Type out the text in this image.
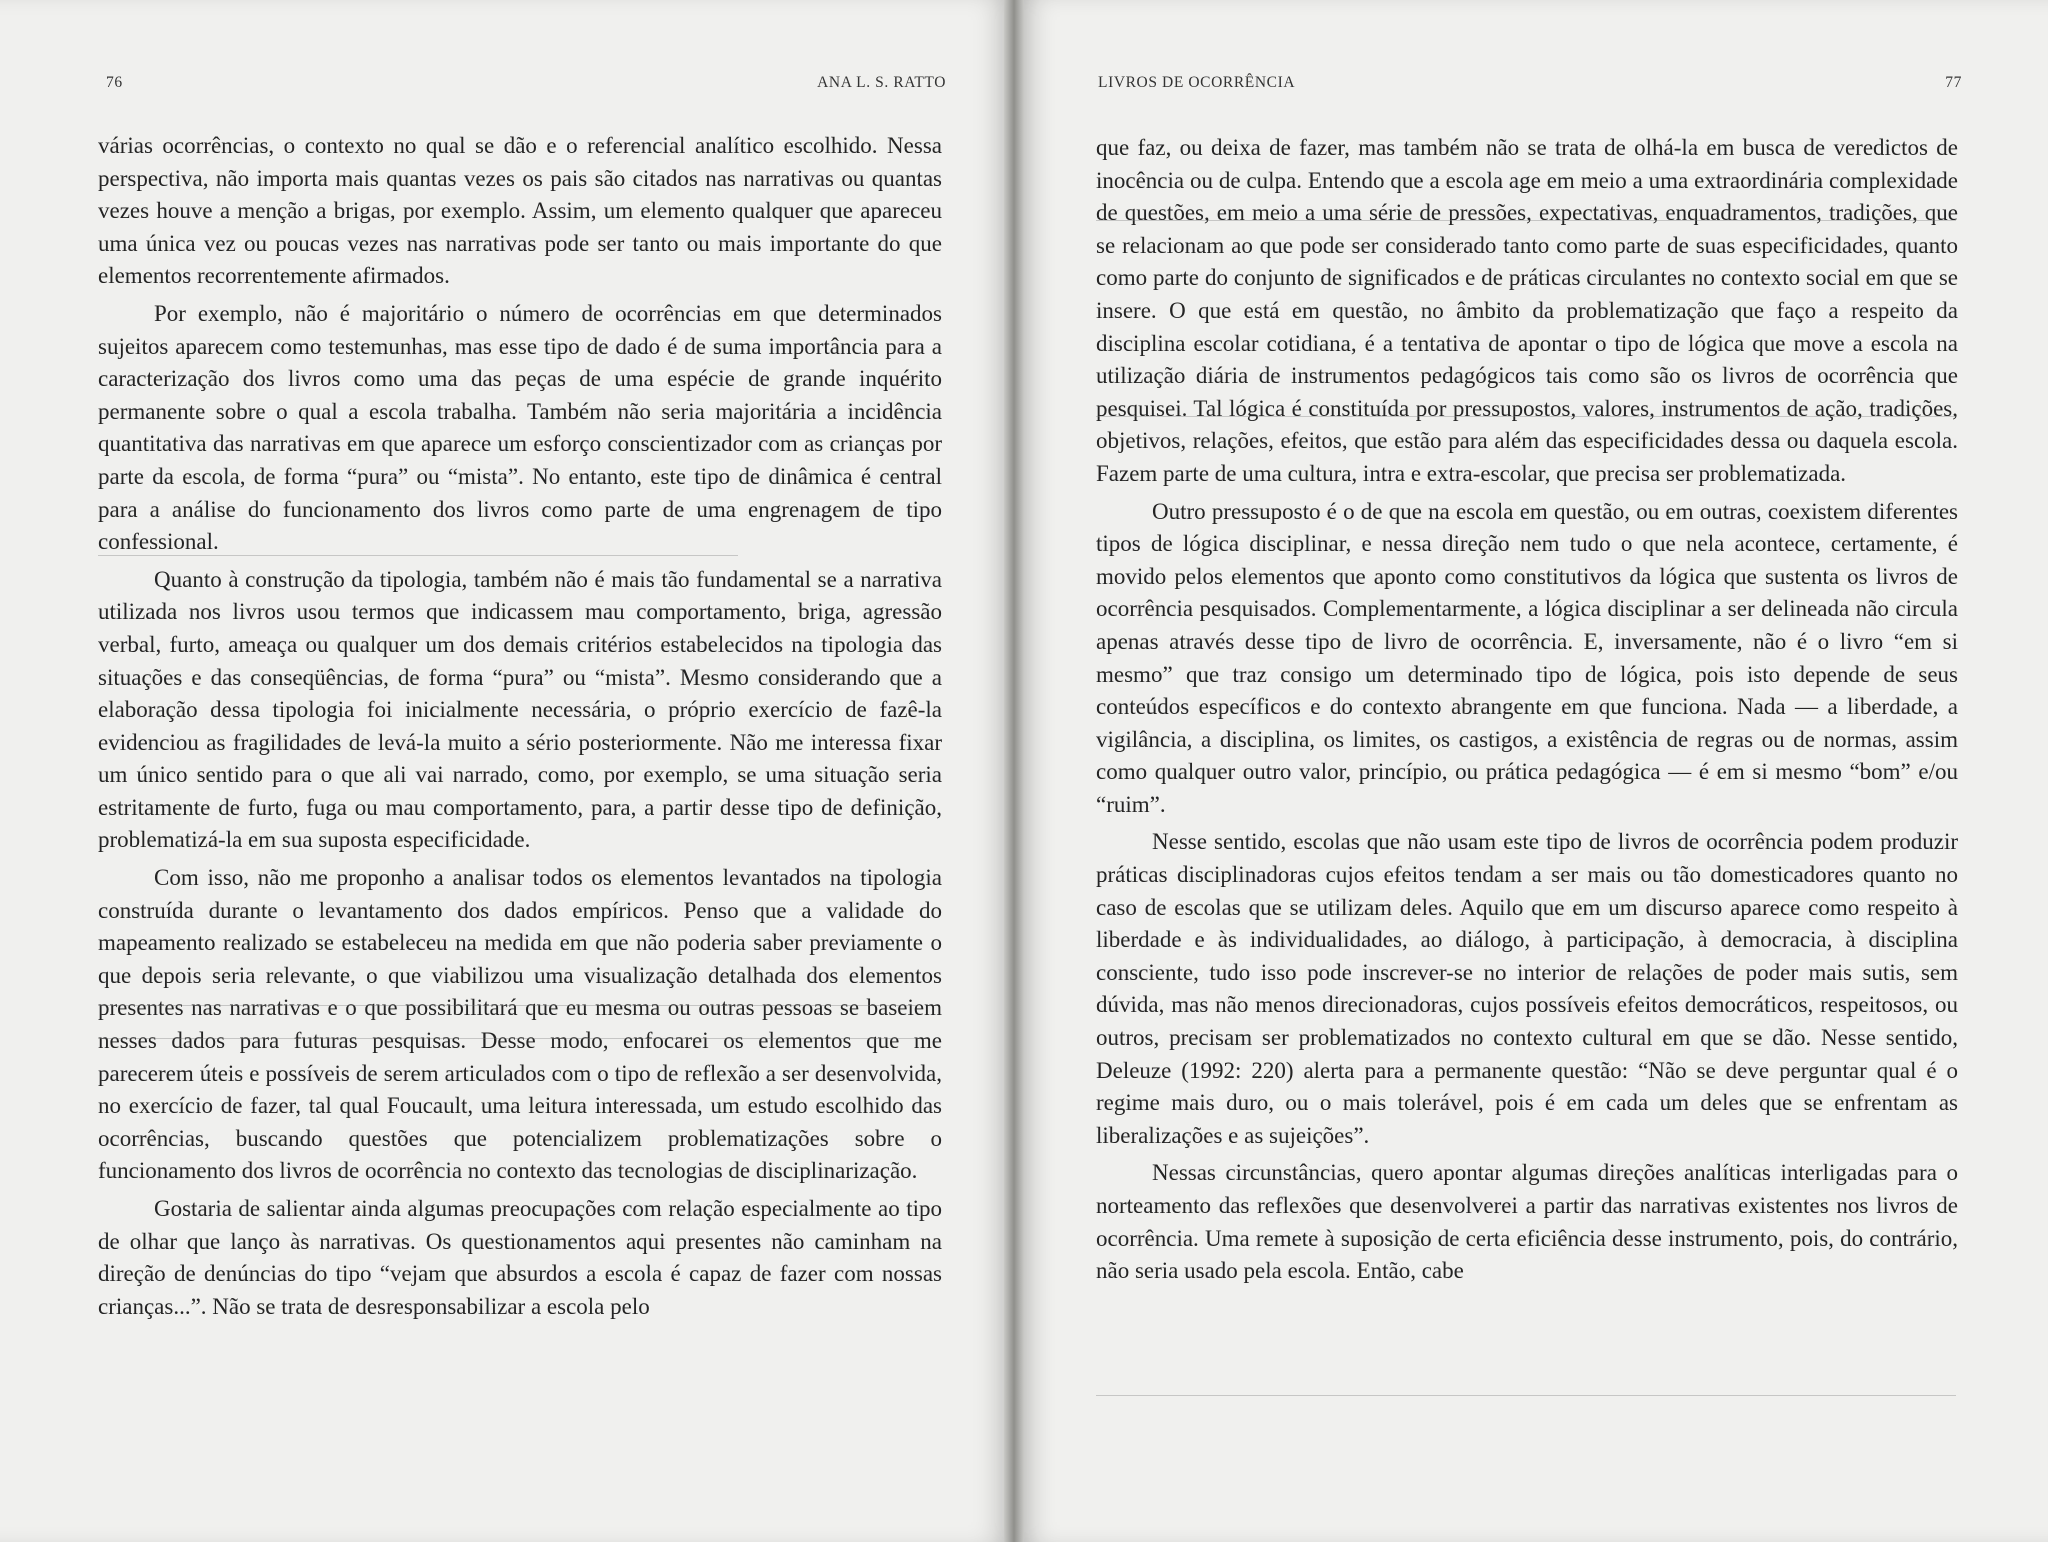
76	ANA L. S. RATTO

várias ocorrências, o contexto no qual se dão e o referencial analítico escolhido. Nessa perspectiva, não importa mais quantas vezes os pais são citados nas narrativas ou quantas vezes houve a menção a brigas, por exemplo. Assim, um elemento qualquer que apareceu uma única vez ou poucas vezes nas narrativas pode ser tanto ou mais importante do que elementos recorrentemente afirmados.

Por exemplo, não é majoritário o número de ocorrências em que determinados sujeitos aparecem como testemunhas, mas esse tipo de dado é de suma importância para a caracterização dos livros como uma das peças de uma espécie de grande inquérito permanente sobre o qual a escola trabalha. Também não seria majoritária a incidência quantitativa das narrativas em que aparece um esforço conscientizador com as crianças por parte da escola, de forma “pura” ou “mista”. No entanto, este tipo de dinâmica é central para a análise do funcionamento dos livros como parte de uma engrenagem de tipo confessional.

Quanto à construção da tipologia, também não é mais tão fundamental se a narrativa utilizada nos livros usou termos que indicassem mau comportamento, briga, agressão verbal, furto, ameaça ou qualquer um dos demais critérios estabelecidos na tipologia das situações e das conseqüências, de forma “pura” ou “mista”. Mesmo considerando que a elaboração dessa tipologia foi inicialmente necessária, o próprio exercício de fazê-la evidenciou as fragilidades de levá-la muito a sério posteriormente. Não me interessa fixar um único sentido para o que ali vai narrado, como, por exemplo, se uma situação seria estritamente de furto, fuga ou mau comportamento, para, a partir desse tipo de definição, problematizá-la em sua suposta especificidade.

Com isso, não me proponho a analisar todos os elementos levantados na tipologia construída durante o levantamento dos dados empíricos. Penso que a validade do mapeamento realizado se estabeleceu na medida em que não poderia saber previamente o que depois seria relevante, o que viabilizou uma visualização detalhada dos elementos presentes nas narrativas e o que possibilitará que eu mesma ou outras pessoas se baseiem nesses dados para futuras pesquisas. Desse modo, enfocarei os elementos que me parecerem úteis e possíveis de serem articulados com o tipo de reflexão a ser desenvolvida, no exercício de fazer, tal qual Foucault, uma leitura interessada, um estudo escolhido das ocorrências, buscando questões que potencializem problematizações sobre o funcionamento dos livros de ocorrência no contexto das tecnologias de disciplinarização.

Gostaria de salientar ainda algumas preocupações com relação especialmente ao tipo de olhar que lanço às narrativas. Os questionamentos aqui presentes não caminham na direção de denúncias do tipo “vejam que absurdos a escola é capaz de fazer com nossas crianças...”. Não se trata de desresponsabilizar a escola pelo

LIVROS DE OCORRÊNCIA	77

que faz, ou deixa de fazer, mas também não se trata de olhá-la em busca de veredictos de inocência ou de culpa. Entendo que a escola age em meio a uma extraordinária complexidade de questões, em meio a uma série de pressões, expectativas, enquadramentos, tradições, que se relacionam ao que pode ser considerado tanto como parte de suas especificidades, quanto como parte do conjunto de significados e de práticas circulantes no contexto social em que se insere. O que está em questão, no âmbito da problematização que faço a respeito da disciplina escolar cotidiana, é a tentativa de apontar o tipo de lógica que move a escola na utilização diária de instrumentos pedagógicos tais como são os livros de ocorrência que pesquisei. Tal lógica é constituída por pressupostos, valores, instrumentos de ação, tradições, objetivos, relações, efeitos, que estão para além das especificidades dessa ou daquela escola. Fazem parte de uma cultura, intra e extra-escolar, que precisa ser problematizada.

Outro pressuposto é o de que na escola em questão, ou em outras, coexistem diferentes tipos de lógica disciplinar, e nessa direção nem tudo o que nela acontece, certamente, é movido pelos elementos que aponto como constitutivos da lógica que sustenta os livros de ocorrência pesquisados. Complementarmente, a lógica disciplinar a ser delineada não circula apenas através desse tipo de livro de ocorrência. E, inversamente, não é o livro “em si mesmo” que traz consigo um determinado tipo de lógica, pois isto depende de seus conteúdos específicos e do contexto abrangente em que funciona. Nada — a liberdade, a vigilância, a disciplina, os limites, os castigos, a existência de regras ou de normas, assim como qualquer outro valor, princípio, ou prática pedagógica — é em si mesmo “bom” e/ou “ruim”.

Nesse sentido, escolas que não usam este tipo de livros de ocorrência podem produzir práticas disciplinadoras cujos efeitos tendam a ser mais ou tão domesticadores quanto no caso de escolas que se utilizam deles. Aquilo que em um discurso aparece como respeito à liberdade e às individualidades, ao diálogo, à participação, à democracia, à disciplina consciente, tudo isso pode inscrever-se no interior de relações de poder mais sutis, sem dúvida, mas não menos direcionadoras, cujos possíveis efeitos democráticos, respeitosos, ou outros, precisam ser problematizados no contexto cultural em que se dão. Nesse sentido, Deleuze (1992: 220) alerta para a permanente questão: “Não se deve perguntar qual é o regime mais duro, ou o mais tolerável, pois é em cada um deles que se enfrentam as liberalizações e as sujeições”.

Nessas circunstâncias, quero apontar algumas direções analíticas interligadas para o norteamento das reflexões que desenvolverei a partir das narrativas existentes nos livros de ocorrência. Uma remete à suposição de certa eficiência desse instrumento, pois, do contrário, não seria usado pela escola. Então, cabe
